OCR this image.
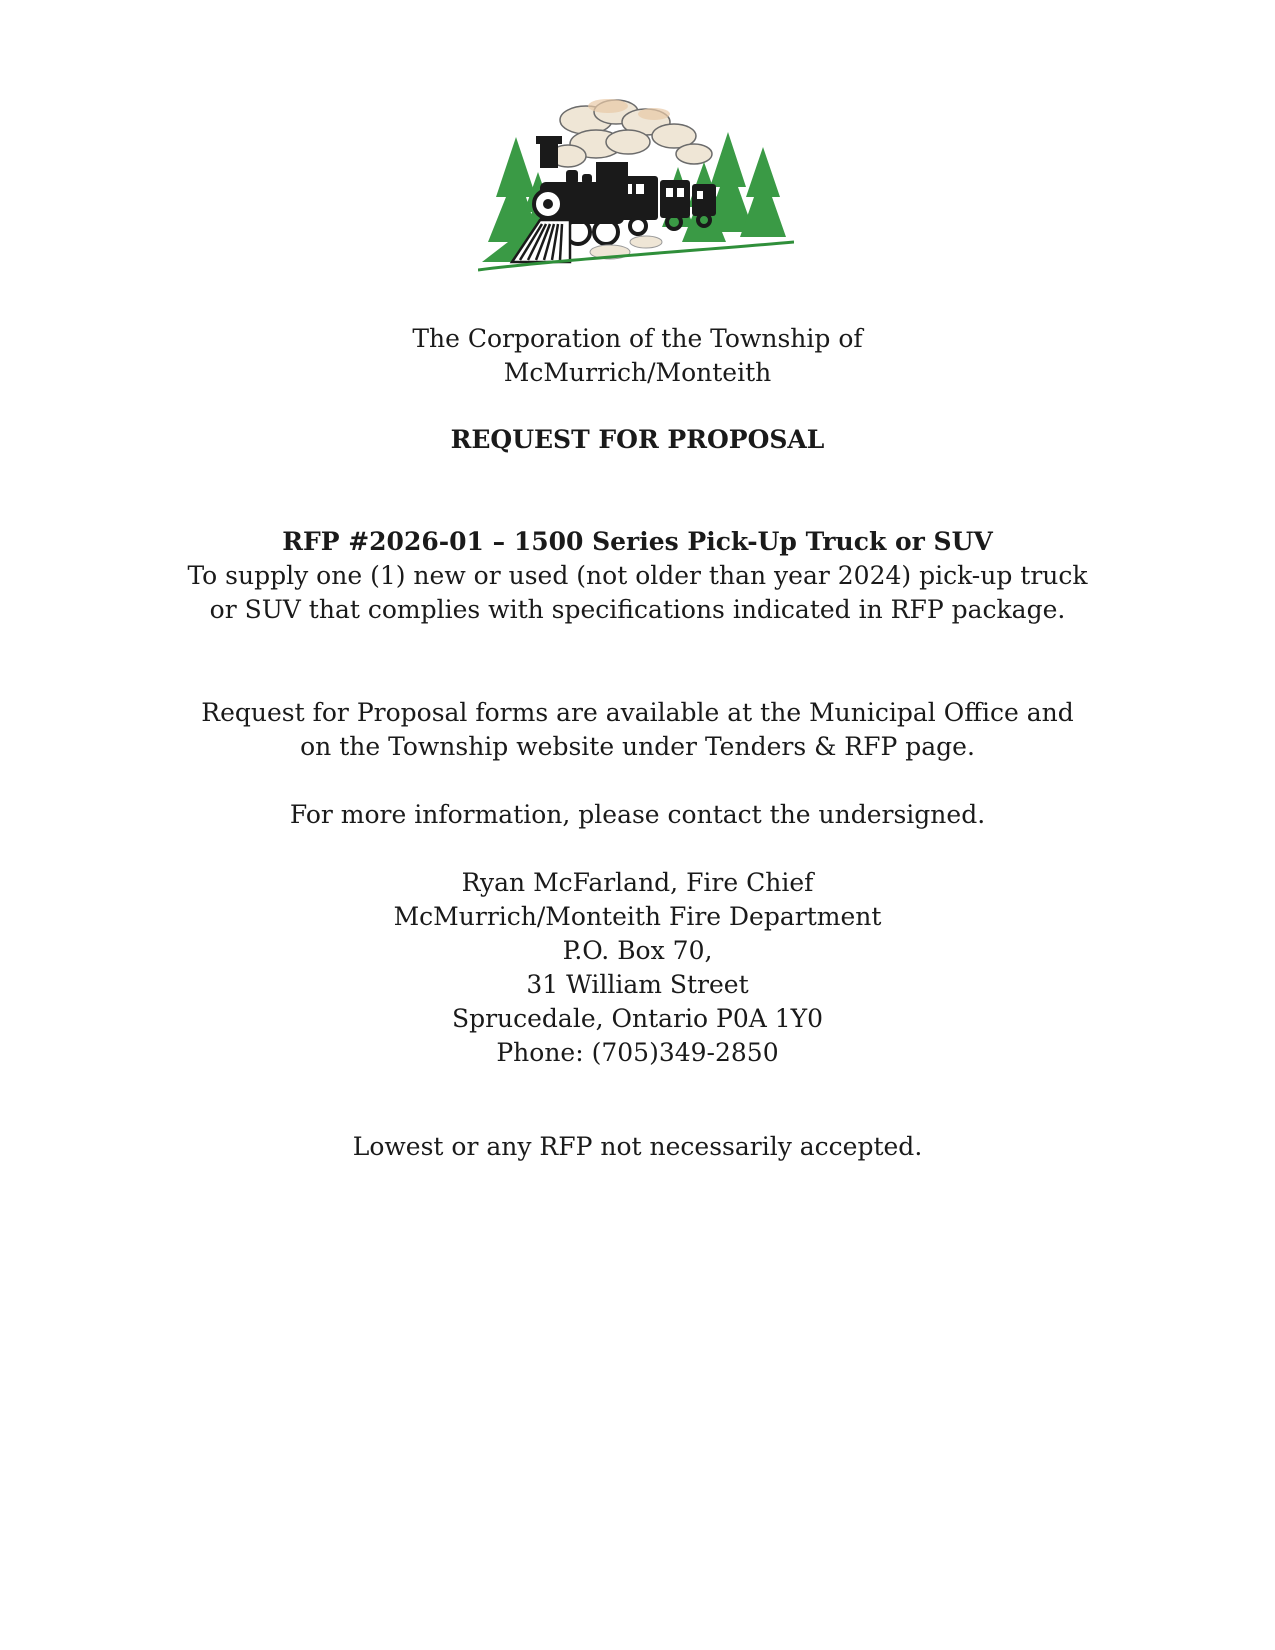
The Corporation of the Township of
McMurrich/Monteith
REQUEST FOR PROPOSAL
RFP #2026-01 – 1500 Series Pick-Up Truck or SUV
To supply one (1) new or used (not older than year 2024) pick-up truck
or SUV that complies with specifications indicated in RFP package.
Request for Proposal forms are available at the Municipal Office and
on the Township website under Tenders & RFP page.
For more information, please contact the undersigned.
Ryan McFarland, Fire Chief
McMurrich/Monteith Fire Department
P.O. Box 70,
31 William Street
Sprucedale, Ontario P0A 1Y0
Phone: (705)349-2850
Lowest or any RFP not necessarily accepted.
